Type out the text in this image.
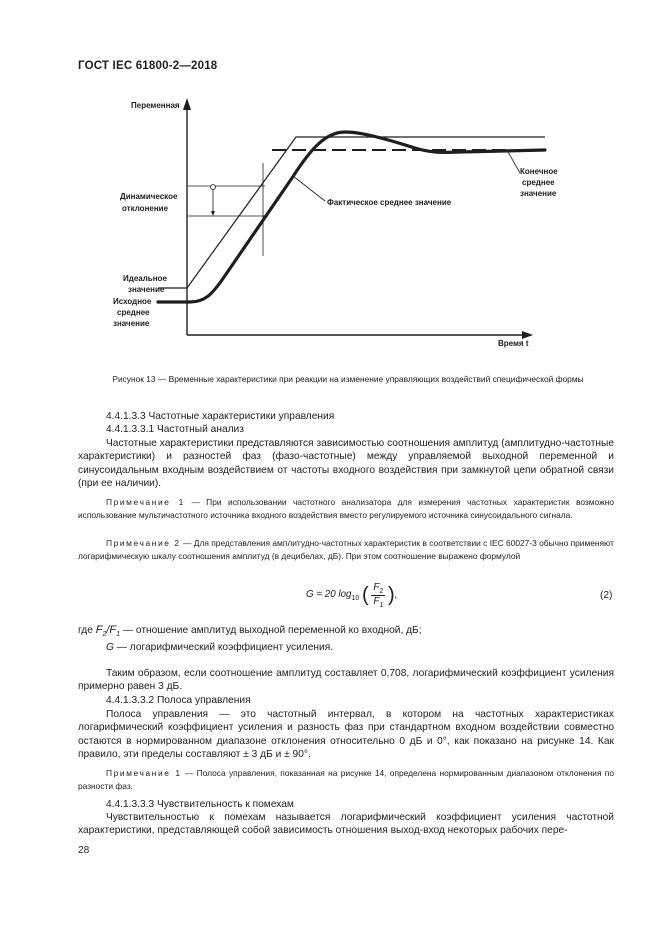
ГОСТ IEC 61800-2—2018
Переменная
Время t
Динамическое
отклонение
Фактическое среднее значение
Конечное
среднее
значение
Идеальное
значение
Исходное
среднее
значение
Рисунок 13 — Временные характеристики при реакции на изменение управляющих воздействий специфической формы
4.4.1.3.3 Частотные характеристики управления
4.4.1.3.3.1 Частотный анализ
Частотные характеристики представляются зависимостью соотношения амплитуд (амплитудно-частотные характеристики) и разностей фаз (фазо-частотные) между управляемой выходной переменной и синусоидальным входным воздействием от частоты входного воздействия при замкнутой цепи обратной связи (при ее наличии).
Примечание 1 — При использовании частотного анализатора для измерения частотных характеристик возможно использование мультичастотного источника входного воздействия вместо регулируемого источника синусоидального сигнала.
Примечание 2 — Для представления амплитудно-частотных характеристик в соответствии с IEC 60027-3 обычно применяют логарифмическую шкалу соотношения амплитуд (в децибелах, дБ). При этом соотношение выражено формулой
G = 20 $\log_{10}$ ( $\frac{F_2}{F_1}$ ),	(2)
где $F_2/F_1$ — отношение амплитуд выходной переменной ко входной, дБ;
G — логарифмический коэффициент усиления.
Таким образом, если соотношение амплитуд составляет 0,708, логарифмический коэффициент усиления примерно равен 3 дБ.
4.4.1.3.3.2 Полоса управления
Полоса управления — это частотный интервал, в котором на частотных характеристиках логарифмический коэффициент усиления и разность фаз при стандартном входном воздействии совместно остаются в нормированном диапазоне отклонения относительно 0 дБ и 0°, как показано на рисунке 14. Как правило, эти пределы составляют ± 3 дБ и ± 90°.
Примечание 1 — Полоса управления, показанная на рисунке 14, определена нормированным диапазоном отклонения по разности фаз.
4.4.1.3.3.3 Чувствительность к помехам
Чувствительностью к помехам называется логарифмический коэффициент усиления частотной характеристики, представляющей собой зависимость отношения выход-вход некоторых рабочих пере-
28
